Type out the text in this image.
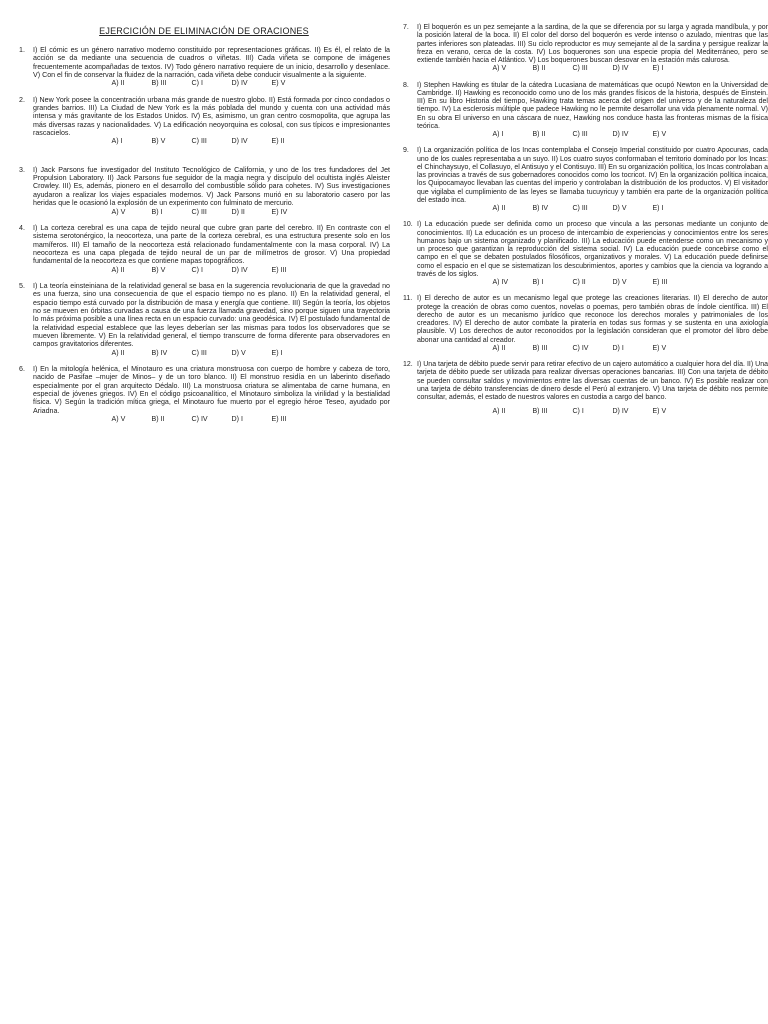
EJERCICIÓN DE ELIMINACIÓN DE ORACIONES
1.	I) El cómic es un género narrativo moderno constituido por representaciones gráficas. II) Es él, el relato de la acción se da mediante una secuencia de cuadros o viñetas. III) Cada viñeta se compone de imágenes frecuentemente acompañadas de textos. IV) Todo género narrativo requiere de un inicio, desarrollo y desenlace. V) Con el fin de conservar la fluidez de la narración, cada viñeta debe conducir visualmente a la siguiente.
A) II	B) III	C) I	D) IV	E) V
2.	I) New York posee la concentración urbana más grande de nuestro globo. II) Está formada por cinco condados o grandes barrios. III) La Ciudad de New York es la más poblada del mundo y cuenta con una actividad más intensa y más gravitante de los Estados Unidos. IV) Es, asimismo, un gran centro cosmopolita, que agrupa las más diversas razas y nacionalidades. V) La edificación neoyorquina es colosal, con sus típicos e impresionantes rascacielos.
A) I	B) V	C) III	D) IV	E) II
3.	I) Jack Parsons fue investigador del Instituto Tecnológico de California, y uno de los tres fundadores del Jet Propulsion Laboratory. II) Jack Parsons fue seguidor de la magia negra y discípulo del ocultista inglés Aleister Crowley. III) Es, además, pionero en el desarrollo del combustible sólido para cohetes. IV) Sus investigaciones ayudaron a realizar los viajes espaciales modernos. V) Jack Parsons murió en su laboratorio casero por las heridas que le ocasionó la explosión de un experimento con fulminato de mercurio.
A) V	B) I	C) III	D) II	E) IV
4.	I) La corteza cerebral es una capa de tejido neural que cubre gran parte del cerebro. II) En contraste con el sistema serotonérgico, la neocorteza, una parte de la corteza cerebral, es una estructura presente solo en los mamíferos. III) El tamaño de la neocorteza está relacionado fundamentalmente con la masa corporal. IV) La neocorteza es una capa plegada de tejido neural de un par de milímetros de grosor. V) Una propiedad fundamental de la neocorteza es que contiene mapas topográficos.
A) II	B) V	C) I	D) IV	E) III
5.	I) La teoría einsteiniana de la relatividad general se basa en la sugerencia revolucionaria de que la gravedad no es una fuerza, sino una consecuencia de que el espacio tiempo no es plano. II) En la relatividad general, el espacio tiempo está curvado por la distribución de masa y energía que contiene. III) Según la teoría, los objetos no se mueven en órbitas curvadas a causa de una fuerza llamada gravedad, sino porque siguen una trayectoria lo más próxima posible a una línea recta en un espacio curvado: una geodésica. IV) El postulado fundamental de la relatividad especial establece que las leyes deberían ser las mismas para todos los observadores que se mueven libremente. V) En la relatividad general, el tiempo transcurre de forma diferente para observadores en campos gravitatorios diferentes.
A) II	B) IV	C) III	D) V	E) I
6.	I) En la mitología helénica, el Minotauro es una criatura monstruosa con cuerpo de hombre y cabeza de toro, nacido de Pasifae –mujer de Minos– y de un toro blanco. II) El monstruo residía en un laberinto diseñado especialmente por el gran arquitecto Dédalo. III) La monstruosa criatura se alimentaba de carne humana, en especial de jóvenes griegos. IV) En el código psicoanalítico, el Minotauro simboliza la virilidad y la bestialidad física. V) Según la tradición mítica griega, el Minotauro fue muerto por el egregio héroe Teseo, ayudado por Ariadna.
A) V	B) II	C) IV	D) I	E) III
7.	I) El boquerón es un pez semejante a la sardina, de la que se diferencia por su larga y agrada mandíbula, y por la posición lateral de la boca. II) El color del dorso del boquerón es verde intenso o azulado, mientras que las partes inferiores son plateadas. III) Su ciclo reproductor es muy semejante al de la sardina y persigue realizar la freza en verano, cerca de la costa. IV) Los boquerones son una especie propia del Mediterráneo, pero se extiende también hacia el Atlántico. V) Los boquerones buscan desovar en la estación más calurosa.
A) V	B) II	C) III	D) IV	E) I
8.	I) Stephen Hawking es titular de la cátedra Lucasiana de matemáticas que ocupó Newton en la Universidad de Cambridge. II) Hawking es reconocido como uno de los más grandes físicos de la historia, después de Einstein. III) En su libro Historia del tiempo, Hawking trata temas acerca del origen del universo y de la naturaleza del tiempo. IV) La esclerosis múltiple que padece Hawking no le permite desarrollar una vida plenamente normal. V) En su obra El universo en una cáscara de nuez, Hawking nos conduce hasta las fronteras mismas de la física teórica.
A) I	B) II	C) III	D) IV	E) V
9.	I) La organización política de los Incas contemplaba el Consejo Imperial constituido por cuatro Apocunas, cada uno de los cuales representaba a un suyo. II) Los cuatro suyos conformaban el territorio dominado por los Incas: el Chinchaysuyo, el Collasuyo, el Antisuyo y el Contisuyo. III) En su organización política, los Incas controlaban a las provincias a través de sus gobernadores conocidos como los tocricot. IV) En la organización política incaica, los Quipocamayoc llevaban las cuentas del imperio y controlaban la distribución de los productos. V) El visitador que vigilaba el cumplimiento de las leyes se llamaba tucuyricuy y también era parte de la organización política del estado inca.
A) II	B) IV	C) III	D) V	E) I
10. I) La educación puede ser definida como un proceso que vincula a las personas mediante un conjunto de conocimientos. II) La educación es un proceso de intercambio de experiencias y conocimientos entre los seres humanos bajo un sistema organizado y planificado. III) La educación puede entenderse como un mecanismo y un proceso que garantizan la reproducción del sistema social. IV) La educación puede concebirse como el campo en el que se debaten postulados filosóficos, organizativos y morales. V) La educación puede definirse como el espacio en el que se sistematizan los descubrimientos, aportes y cambios que la ciencia va logrando a través de los siglos.
A) IV	B) I	C) II	D) V	E) III
11. I) El derecho de autor es un mecanismo legal que protege las creaciones literarias. II) El derecho de autor protege la creación de obras como cuentos, novelas o poemas, pero también obras de índole científica. III) El derecho de autor es un mecanismo jurídico que reconoce los derechos morales y patrimoniales de los creadores. IV) El derecho de autor combate la piratería en todas sus formas y se sustenta en una axiología plausible. V) Los derechos de autor reconocidos por la legislación consideran que el promotor del libro debe abonar una cantidad al creador.
A) II	B) III	C) IV	D) I	E) V
12. I) Una tarjeta de débito puede servir para retirar efectivo de un cajero automático a cualquier hora del día. II) Una tarjeta de débito puede ser utilizada para realizar diversas operaciones bancarias. III) Con una tarjeta de débito se pueden consultar saldos y movimientos entre las diversas cuentas de un banco. IV) Es posible realizar con una tarjeta de débito transferencias de dinero desde el Perú al extranjero. V) Una tarjeta de débito nos permite consultar, además, el estado de nuestros valores en custodia a cargo del banco.
A) II	B) III	C) I	D) IV	E) V
